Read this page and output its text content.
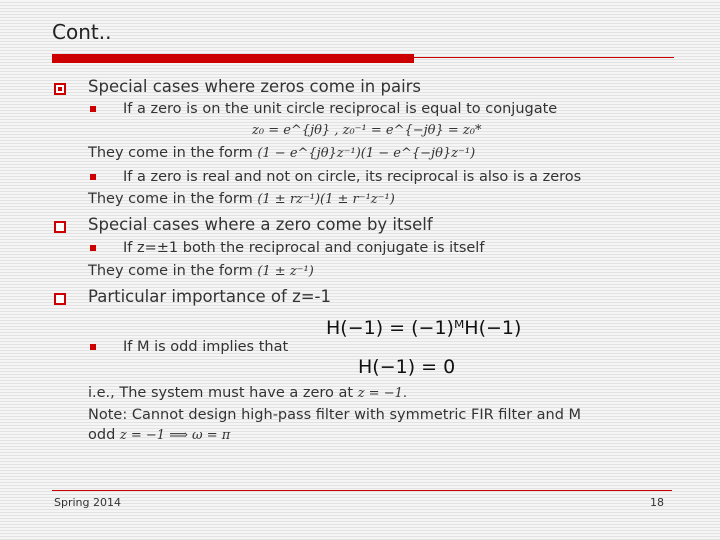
Cont..
Special cases where zeros come in pairs
If a zero is on the unit circle reciprocal is equal to conjugate
z₀ = e^{jθ} , z₀⁻¹ = e^{−jθ} = z₀*
They come in the form (1 − e^{jθ}z⁻¹)(1 − e^{−jθ}z⁻¹)
If a zero is real and not on circle, its reciprocal is also is a zeros
They come in the form (1 ± rz⁻¹)(1 ± r⁻¹z⁻¹)
Special cases where a zero come by itself
If z=±1 both the reciprocal and conjugate is itself
They come in the form (1 ± z⁻¹)
Particular importance of z=-1
H(−1) = (−1)ᴹH(−1)
If M is odd implies that
H(−1) = 0
i.e., The system must have a zero at z = −1.
Note: Cannot design high-pass filter with symmetric FIR filter and M
odd z = −1 ⟹ ω = π
Spring 2014	18
